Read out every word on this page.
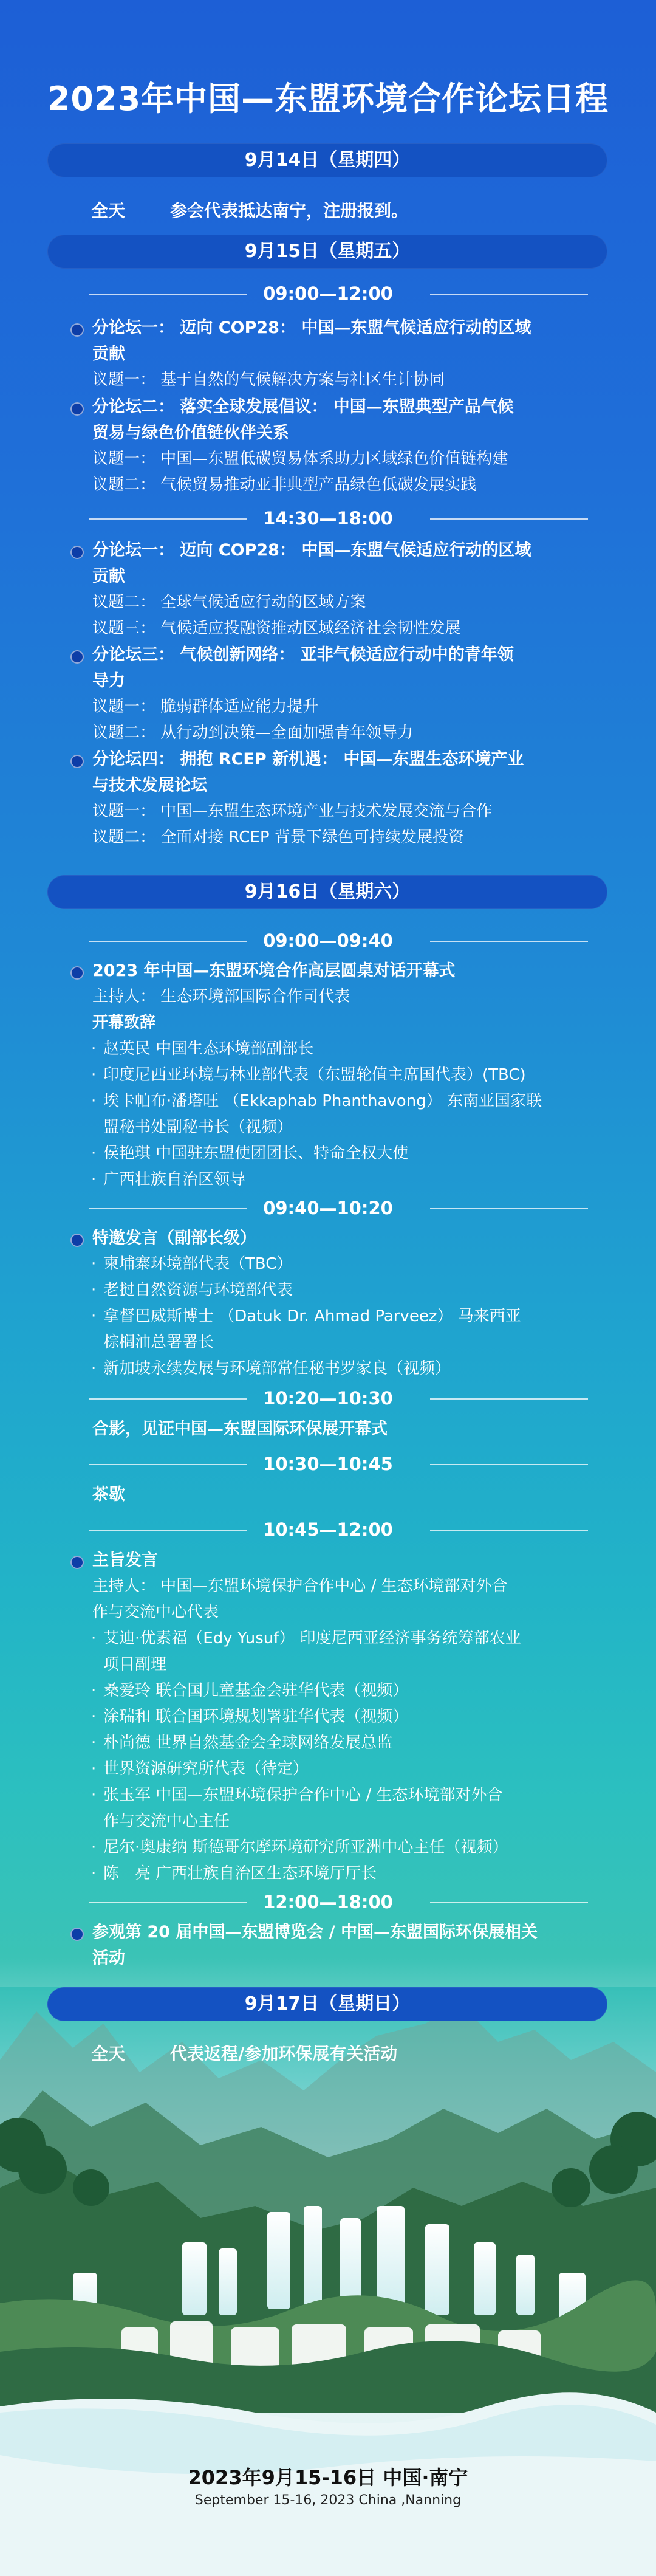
2023年中国—东盟环境合作论坛日程
9月14日（星期四）
全天	参会代表抵达南宁，注册报到。
9月15日（星期五）
09:00—12:00
分论坛一： 迈向 COP28： 中国—东盟气候适应行动的区域
贡献
议题一： 基于自然的气候解决方案与社区生计协同
分论坛二： 落实全球发展倡议： 中国—东盟典型产品气候
贸易与绿色价值链伙伴关系
议题一： 中国—东盟低碳贸易体系助力区域绿色价值链构建
议题二： 气候贸易推动亚非典型产品绿色低碳发展实践
14:30—18:00
分论坛一： 迈向 COP28： 中国—东盟气候适应行动的区域
贡献
议题二： 全球气候适应行动的区域方案
议题三： 气候适应投融资推动区域经济社会韧性发展
分论坛三： 气候创新网络： 亚非气候适应行动中的青年领
导力
议题一： 脆弱群体适应能力提升
议题二： 从行动到决策—全面加强青年领导力
分论坛四： 拥抱 RCEP 新机遇： 中国—东盟生态环境产业
与技术发展论坛
议题一： 中国—东盟生态环境产业与技术发展交流与合作
议题二： 全面对接 RCEP 背景下绿色可持续发展投资
9月16日（星期六）
09:00—09:40
2023 年中国—东盟环境合作高层圆桌对话开幕式
主持人： 生态环境部国际合作司代表
开幕致辞
· 赵英民 中国生态环境部副部长
· 印度尼西亚环境与林业部代表（东盟轮值主席国代表）(TBC)
· 埃卡帕布·潘塔旺 （Ekkaphab Phanthavong） 东南亚国家联
盟秘书处副秘书长（视频）
· 侯艳琪 中国驻东盟使团团长、特命全权大使
· 广西壮族自治区领导
09:40—10:20
特邀发言（副部长级）
· 柬埔寨环境部代表（TBC）
· 老挝自然资源与环境部代表
· 拿督巴威斯博士 （Datuk Dr. Ahmad Parveez） 马来西亚
棕榈油总署署长
· 新加坡永续发展与环境部常任秘书罗家良（视频）
10:20—10:30
合影，见证中国—东盟国际环保展开幕式
10:30—10:45
茶歇
10:45—12:00
主旨发言
主持人： 中国—东盟环境保护合作中心 / 生态环境部对外合
作与交流中心代表
· 艾迪·优素福（Edy Yusuf） 印度尼西亚经济事务统筹部农业
项目副理
· 桑爱玲 联合国儿童基金会驻华代表（视频）
· 涂瑞和 联合国环境规划署驻华代表（视频）
· 朴尚德 世界自然基金会全球网络发展总监
· 世界资源研究所代表（待定）
· 张玉军 中国—东盟环境保护合作中心 / 生态环境部对外合
作与交流中心主任
· 尼尔·奥康纳 斯德哥尔摩环境研究所亚洲中心主任（视频）
· 陈　亮 广西壮族自治区生态环境厅厅长
12:00—18:00
参观第 20 届中国—东盟博览会 / 中国—东盟国际环保展相关
活动
9月17日（星期日）
全天	代表返程/参加环保展有关活动
2023年9月15-16日 中国·南宁
September 15-16, 2023 China ,Nanning
